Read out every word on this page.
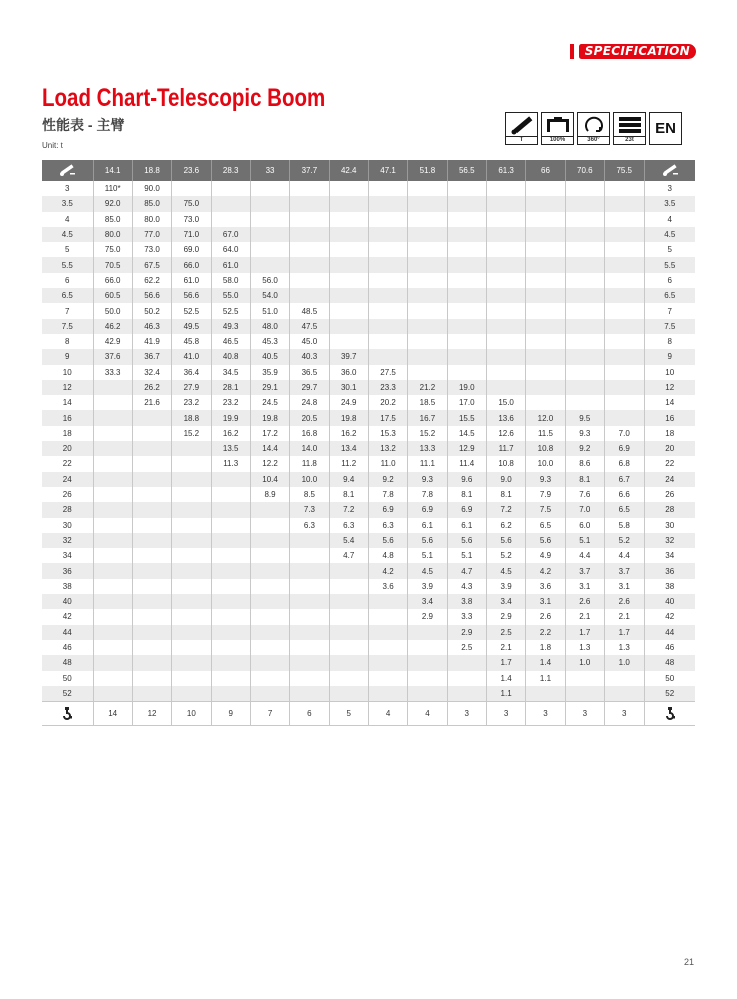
SPECIFICATION
Load Chart-Telescopic Boom
性能表 - 主臂
Unit: t
T	100%	360°	23t
EN
	14.1	18.8	23.6	28.3	33	37.7	42.4	47.1	51.8	56.5	61.3	66	70.6	75.5	
3	110*	90.0													3
3.5	92.0	85.0	75.0												3.5
4	85.0	80.0	73.0												4
4.5	80.0	77.0	71.0	67.0											4.5
5	75.0	73.0	69.0	64.0											5
5.5	70.5	67.5	66.0	61.0											5.5
6	66.0	62.2	61.0	58.0	56.0										6
6.5	60.5	56.6	56.6	55.0	54.0										6.5
7	50.0	50.2	52.5	52.5	51.0	48.5									7
7.5	46.2	46.3	49.5	49.3	48.0	47.5									7.5
8	42.9	41.9	45.8	46.5	45.3	45.0									8
9	37.6	36.7	41.0	40.8	40.5	40.3	39.7								9
10	33.3	32.4	36.4	34.5	35.9	36.5	36.0	27.5							10
12		26.2	27.9	28.1	29.1	29.7	30.1	23.3	21.2	19.0					12
14		21.6	23.2	23.2	24.5	24.8	24.9	20.2	18.5	17.0	15.0				14
16			18.8	19.9	19.8	20.5	19.8	17.5	16.7	15.5	13.6	12.0	9.5		16
18			15.2	16.2	17.2	16.8	16.2	15.3	15.2	14.5	12.6	11.5	9.3	7.0	18
20				13.5	14.4	14.0	13.4	13.2	13.3	12.9	11.7	10.8	9.2	6.9	20
22				11.3	12.2	11.8	11.2	11.0	11.1	11.4	10.8	10.0	8.6	6.8	22
24					10.4	10.0	9.4	9.2	9.3	9.6	9.0	9.3	8.1	6.7	24
26					8.9	8.5	8.1	7.8	7.8	8.1	8.1	7.9	7.6	6.6	26
28						7.3	7.2	6.9	6.9	6.9	7.2	7.5	7.0	6.5	28
30						6.3	6.3	6.3	6.1	6.1	6.2	6.5	6.0	5.8	30
32							5.4	5.6	5.6	5.6	5.6	5.6	5.1	5.2	32
34							4.7	4.8	5.1	5.1	5.2	4.9	4.4	4.4	34
36								4.2	4.5	4.7	4.5	4.2	3.7	3.7	36
38								3.6	3.9	4.3	3.9	3.6	3.1	3.1	38
40									3.4	3.8	3.4	3.1	2.6	2.6	40
42									2.9	3.3	2.9	2.6	2.1	2.1	42
44										2.9	2.5	2.2	1.7	1.7	44
46										2.5	2.1	1.8	1.3	1.3	46
48											1.7	1.4	1.0	1.0	48
50											1.4	1.1			50
52											1.1				52
	14	12	10	9	7	6	5	4	4	3	3	3	3	3	
21
